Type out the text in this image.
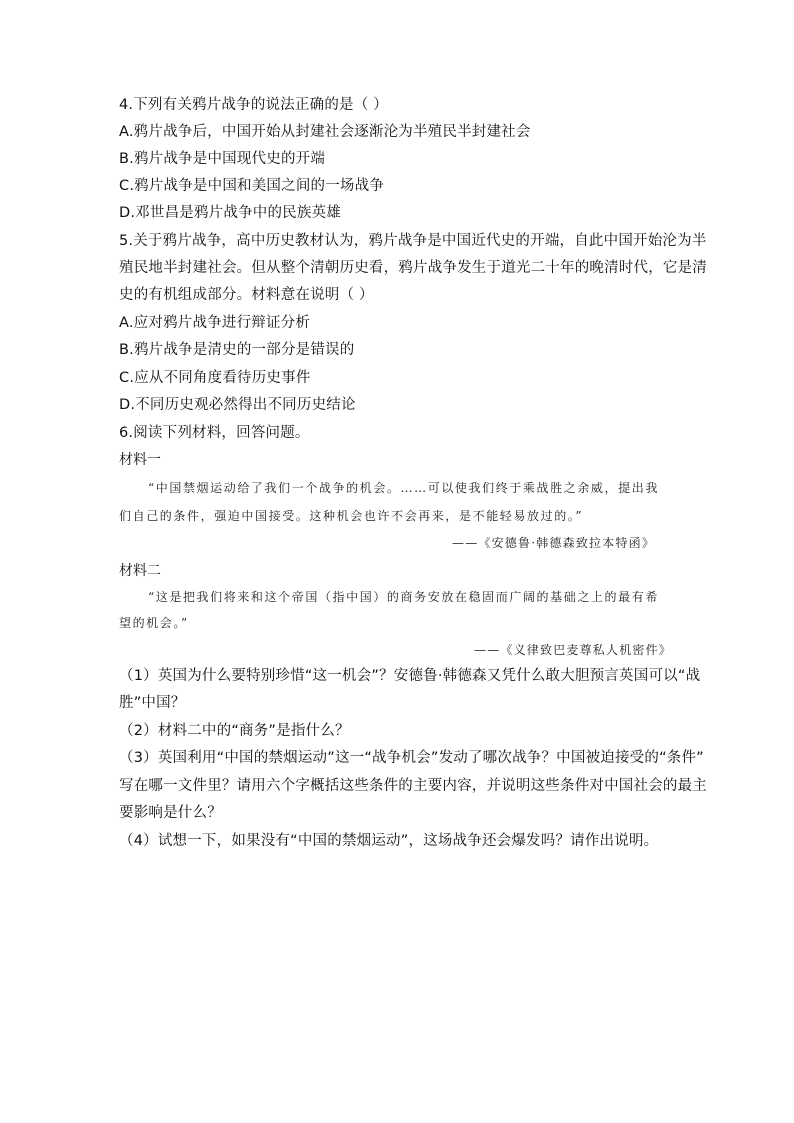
4.下列有关鸦片战争的说法正确的是（ ）
A.鸦片战争后，中国开始从封建社会逐渐沦为半殖民半封建社会
B.鸦片战争是中国现代史的开端
C.鸦片战争是中国和美国之间的一场战争
D.邓世昌是鸦片战争中的民族英雄
5.关于鸦片战争，高中历史教材认为，鸦片战争是中国近代史的开端，自此中国开始沦为半
殖民地半封建社会。但从整个清朝历史看，鸦片战争发生于道光二十年的晚清时代，它是清
史的有机组成部分。材料意在说明（ ）
A.应对鸦片战争进行辩证分析
B.鸦片战争是清史的一部分是错误的
C.应从不同角度看待历史事件
D.不同历史观必然得出不同历史结论
6.阅读下列材料，回答问题。
材料一
“中国禁烟运动给了我们一个战争的机会。……可以使我们终于乘战胜之余威，提出我
们自己的条件，强迫中国接受。这种机会也许不会再来，是不能轻易放过的。”
——《安德鲁·韩德森致拉本特函》
材料二
“这是把我们将来和这个帝国（指中国）的商务安放在稳固而广阔的基础之上的最有希
望的机会。”
——《义律致巴麦尊私人机密件》
（1）英国为什么要特别珍惜“这一机会”？安德鲁·韩德森又凭什么敢大胆预言英国可以“战
胜”中国？
（2）材料二中的“商务”是指什么？
（3）英国利用“中国的禁烟运动”这一“战争机会”发动了哪次战争？中国被迫接受的“条件”
写在哪一文件里？请用六个字概括这些条件的主要内容，并说明这些条件对中国社会的最主
要影响是什么？
（4）试想一下，如果没有“中国的禁烟运动”，这场战争还会爆发吗？请作出说明。
